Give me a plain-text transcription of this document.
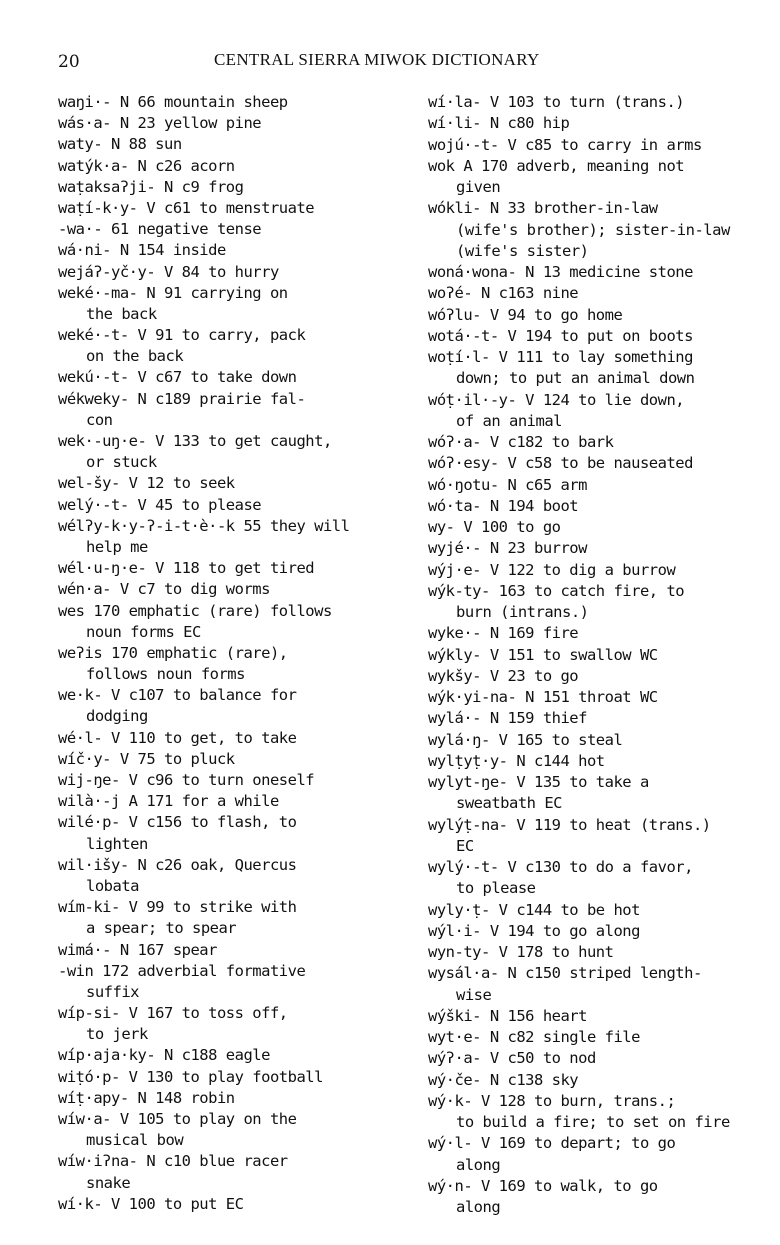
20	CENTRAL SIERRA MIWOK DICTIONARY
waŋi·- N 66 mountain sheep
wás·a- N 23 yellow pine
waty- N 88 sun
watýk·a- N c26 acorn
waṭaksaʔji- N c9 frog
waṭí-k·y- V c61 to menstruate
-wa·- 61 negative tense
wá·ni- N 154 inside
wejáʔ-yč·y- V 84 to hurry
weké·-ma- N 91 carrying on
the back
weké·-t- V 91 to carry, pack
on the back
wekú·-t- V c67 to take down
wékweky- N c189 prairie fal-
con
wek·-uŋ·e- V 133 to get caught,
or stuck
wel-šy- V 12 to seek
welý·-t- V 45 to please
wélʔy-k·y-ʔ-i-t·è·-k 55 they will
help me
wél·u-ŋ·e- V 118 to get tired
wén·a- V c7 to dig worms
wes 170 emphatic (rare) follows
noun forms EC
weʔis 170 emphatic (rare),
follows noun forms
we·k- V c107 to balance for
dodging
wé·l- V 110 to get, to take
wíč·y- V 75 to pluck
wij-ŋe- V c96 to turn oneself
wilà·-j A 171 for a while
wilé·p- V c156 to flash, to
lighten
wil·išy- N c26 oak, Quercus
lobata
wím-ki- V 99 to strike with
a spear; to spear
wimá·- N 167 spear
-win 172 adverbial formative
suffix
wíp-si- V 167 to toss off,
to jerk
wíp·aja·ky- N c188 eagle
wiṭó·p- V 130 to play football
wíṭ·apy- N 148 robin
wíw·a- V 105 to play on the
musical bow
wíw·iʔna- N c10 blue racer
snake
wí·k- V 100 to put EC
wí·la- V 103 to turn (trans.)
wí·li- N c80 hip
wojú·-t- V c85 to carry in arms
wok A 170 adverb, meaning not
given
wókli- N 33 brother-in-law
(wife's brother); sister-in-law
(wife's sister)
woná·wona- N 13 medicine stone
woʔé- N c163 nine
wóʔlu- V 94 to go home
wotá·-t- V 194 to put on boots
woṭí·l- V 111 to lay something
down; to put an animal down
wóṭ·il·-y- V 124 to lie down,
of an animal
wóʔ·a- V c182 to bark
wóʔ·esy- V c58 to be nauseated
wó·ŋotu- N c65 arm
wó·ta- N 194 boot
wy- V 100 to go
wyjé·- N 23 burrow
wýj·e- V 122 to dig a burrow
wýk-ty- 163 to catch fire, to
burn (intrans.)
wyke·- N 169 fire
wýkly- V 151 to swallow WC
wykšy- V 23 to go
wýk·yi-na- N 151 throat WC
wylá·- N 159 thief
wylá·ŋ- V 165 to steal
wylṭyṭ·y- N c144 hot
wylyt-ŋe- V 135 to take a
sweatbath EC
wylýṭ-na- V 119 to heat (trans.)
EC
wylý·-t- V c130 to do a favor,
to please
wyly·ṭ- V c144 to be hot
wýl·i- V 194 to go along
wyn-ty- V 178 to hunt
wysál·a- N c150 striped length-
wise
wýški- N 156 heart
wyt·e- N c82 single file
wýʔ·a- V c50 to nod
wý·če- N c138 sky
wý·k- V 128 to burn, trans.;
to build a fire; to set on fire
wý·l- V 169 to depart; to go
along
wý·n- V 169 to walk, to go
along
